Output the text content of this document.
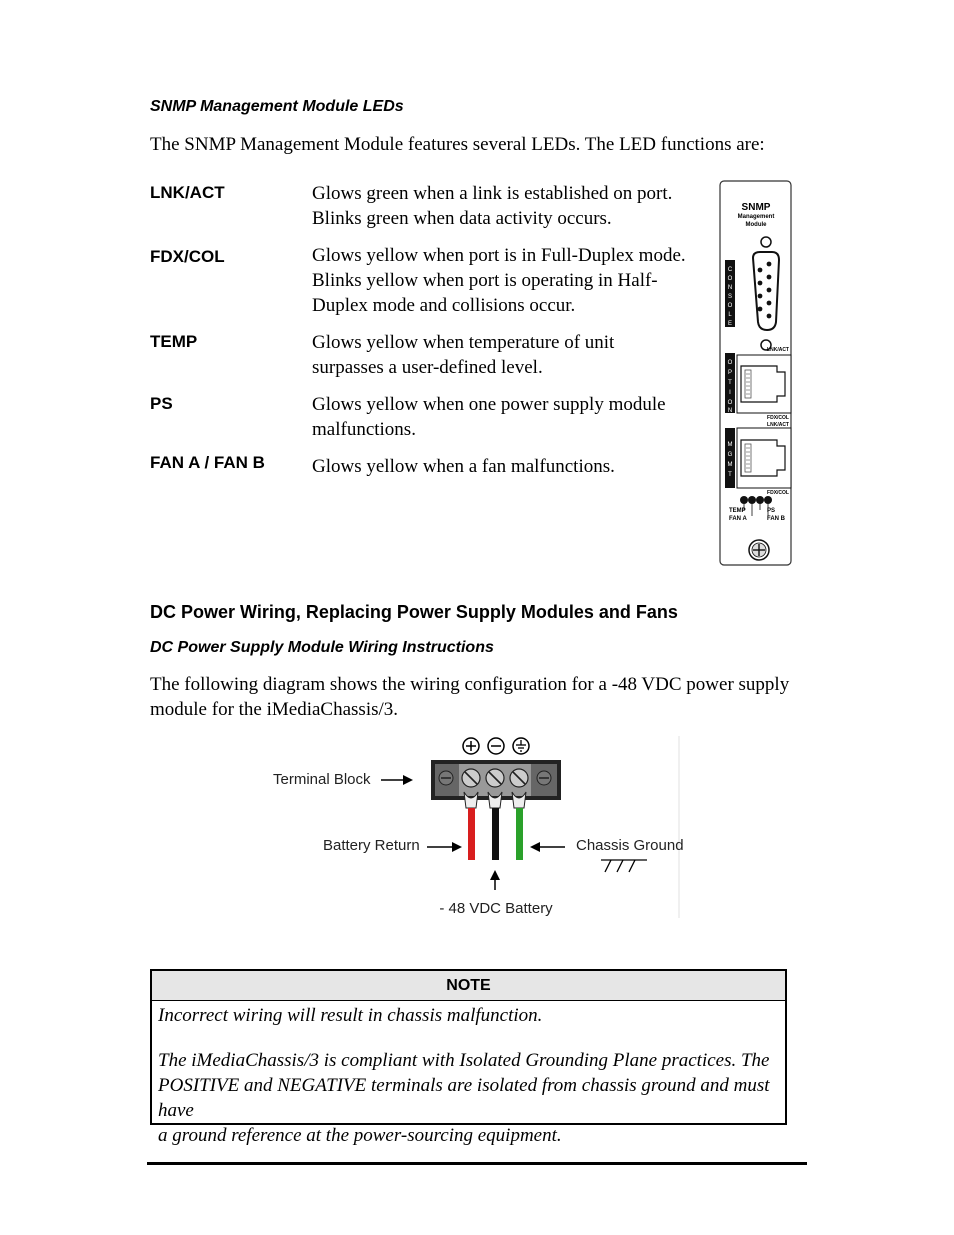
SNMP Management Module LEDs
The SNMP Management Module features several LEDs. The LED functions are:
LNK/ACT	Glows green when a link is established on port.
Blinks green when data activity occurs.
FDX/COL	Glows yellow when port is in Full-Duplex mode.
Blinks yellow when port is operating in Half-
Duplex mode and collisions occur.
TEMP	Glows yellow when temperature of unit
surpasses a user-defined level.
PS	Glows yellow when one power supply module
malfunctions.
FAN A / FAN B Glows yellow when a fan malfunctions.
SNMP
Management
Module
C
O
N
S
O
L
E
LNK/ACT
O
P
T
I
O
N
FDX/COL
LNK/ACT
M
G
M
T
FDX/COL
TEMP	PS
FAN A	FAN B
DC Power Wiring, Replacing Power Supply Modules and Fans
DC Power Supply Module Wiring Instructions
The following diagram shows the wiring configuration for a -48 VDC power supply
module for the iMediaChassis/3.
Terminal Block
Battery Return	Chassis Ground
- 48 VDC Battery
NOTE

Incorrect wiring will result in chassis malfunction.

The iMediaChassis/3 is compliant with Isolated Grounding Plane practices. The

POSITIVE and NEGATIVE terminals are isolated from chassis ground and must have

a ground reference at the power-sourcing equipment.
